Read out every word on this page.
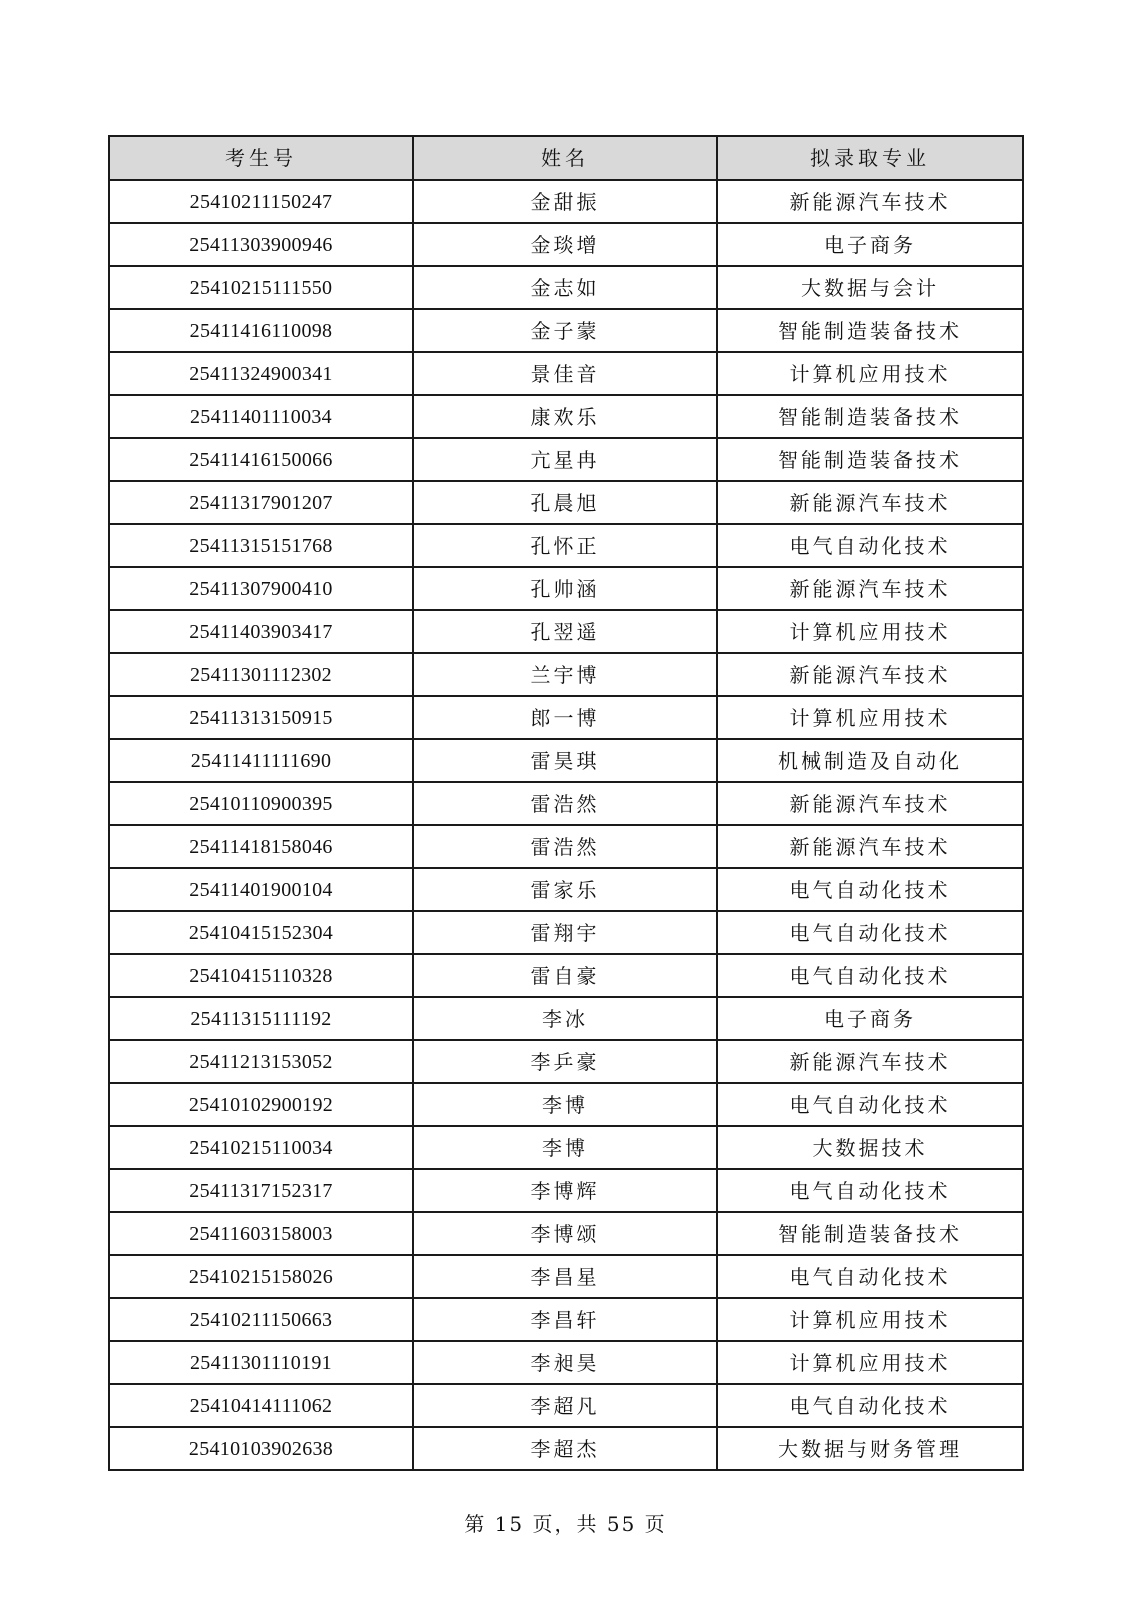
考生号	姓名	拟录取专业
25410211150247	金甜振	新能源汽车技术
25411303900946	金琰增	电子商务
25410215111550	金志如	大数据与会计
25411416110098	金子蒙	智能制造装备技术
25411324900341	景佳音	计算机应用技术
25411401110034	康欢乐	智能制造装备技术
25411416150066	亢星冉	智能制造装备技术
25411317901207	孔晨旭	新能源汽车技术
25411315151768	孔怀正	电气自动化技术
25411307900410	孔帅涵	新能源汽车技术
25411403903417	孔翌遥	计算机应用技术
25411301112302	兰宇博	新能源汽车技术
25411313150915	郎一博	计算机应用技术
25411411111690	雷昊琪	机械制造及自动化
25410110900395	雷浩然	新能源汽车技术
25411418158046	雷浩然	新能源汽车技术
25411401900104	雷家乐	电气自动化技术
25410415152304	雷翔宇	电气自动化技术
25410415110328	雷自豪	电气自动化技术
25411315111192	李冰	电子商务
25411213153052	李乒豪	新能源汽车技术
25410102900192	李博	电气自动化技术
25410215110034	李博	大数据技术
25411317152317	李博辉	电气自动化技术
25411603158003	李博颂	智能制造装备技术
25410215158026	李昌星	电气自动化技术
25410211150663	李昌轩	计算机应用技术
25411301110191	李昶昊	计算机应用技术
25410414111062	李超凡	电气自动化技术
25410103902638	李超杰	大数据与财务管理
第 15 页，共 55 页
